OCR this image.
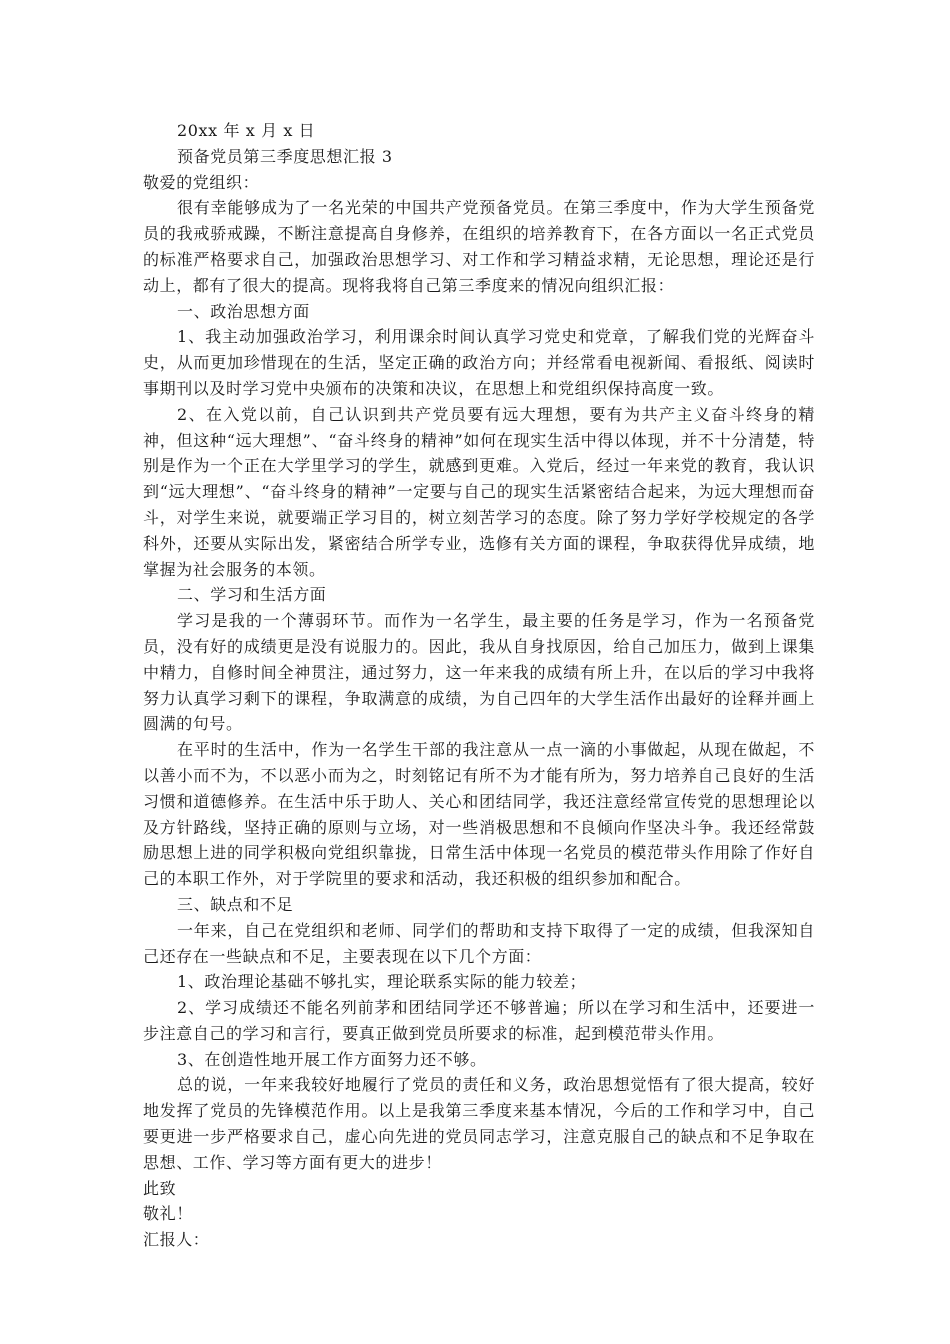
20xx 年 x 月 x 日

预备党员第三季度思想汇报 3

敬爱的党组织：

很有幸能够成为了一名光荣的中国共产党预备党员。在第三季度中，作为大学生预备党员的我戒骄戒躁，不断注意提高自身修养，在组织的培养教育下，在各方面以一名正式党员的标准严格要求自己，加强政治思想学习、对工作和学习精益求精，无论思想，理论还是行动上，都有了很大的提高。现将我将自己第三季度来的情况向组织汇报：

一、政治思想方面

1、我主动加强政治学习，利用课余时间认真学习党史和党章，了解我们党的光辉奋斗史，从而更加珍惜现在的生活，坚定正确的政治方向；并经常看电视新闻、看报纸、阅读时事期刊以及时学习党中央颁布的决策和决议，在思想上和党组织保持高度一致。

2、在入党以前，自己认识到共产党员要有远大理想，要有为共产主义奋斗终身的精神，但这种“远大理想”、“奋斗终身的精神”如何在现实生活中得以体现，并不十分清楚，特别是作为一个正在大学里学习的学生，就感到更难。入党后，经过一年来党的教育，我认识到“远大理想”、“奋斗终身的精神”一定要与自己的现实生活紧密结合起来，为远大理想而奋斗，对学生来说，就要端正学习目的，树立刻苦学习的态度。除了努力学好学校规定的各学科外，还要从实际出发，紧密结合所学专业，选修有关方面的课程，争取获得优异成绩，地掌握为社会服务的本领。

二、学习和生活方面

学习是我的一个薄弱环节。而作为一名学生，最主要的任务是学习，作为一名预备党员，没有好的成绩更是没有说服力的。因此，我从自身找原因，给自己加压力，做到上课集中精力，自修时间全神贯注，通过努力，这一年来我的成绩有所上升，在以后的学习中我将努力认真学习剩下的课程，争取满意的成绩，为自己四年的大学生活作出最好的诠释并画上圆满的句号。

在平时的生活中，作为一名学生干部的我注意从一点一滴的小事做起，从现在做起，不以善小而不为，不以恶小而为之，时刻铭记有所不为才能有所为，努力培养自己良好的生活习惯和道德修养。在生活中乐于助人、关心和团结同学，我还注意经常宣传党的思想理论以及方针路线，坚持正确的原则与立场，对一些消极思想和不良倾向作坚决斗争。我还经常鼓励思想上进的同学积极向党组织靠拢，日常生活中体现一名党员的模范带头作用除了作好自己的本职工作外，对于学院里的要求和活动，我还积极的组织参加和配合。

三、缺点和不足

一年来，自己在党组织和老师、同学们的帮助和支持下取得了一定的成绩，但我深知自己还存在一些缺点和不足，主要表现在以下几个方面：

1、政治理论基础不够扎实，理论联系实际的能力较差；

2、学习成绩还不能名列前茅和团结同学还不够普遍；所以在学习和生活中，还要进一步注意自己的学习和言行，要真正做到党员所要求的标准，起到模范带头作用。

3、在创造性地开展工作方面努力还不够。

总的说，一年来我较好地履行了党员的责任和义务，政治思想觉悟有了很大提高，较好地发挥了党员的先锋模范作用。以上是我第三季度来基本情况，今后的工作和学习中，自己要更进一步严格要求自己，虚心向先进的党员同志学习，注意克服自己的缺点和不足争取在思想、工作、学习等方面有更大的进步！

此致

敬礼！

汇报人：
